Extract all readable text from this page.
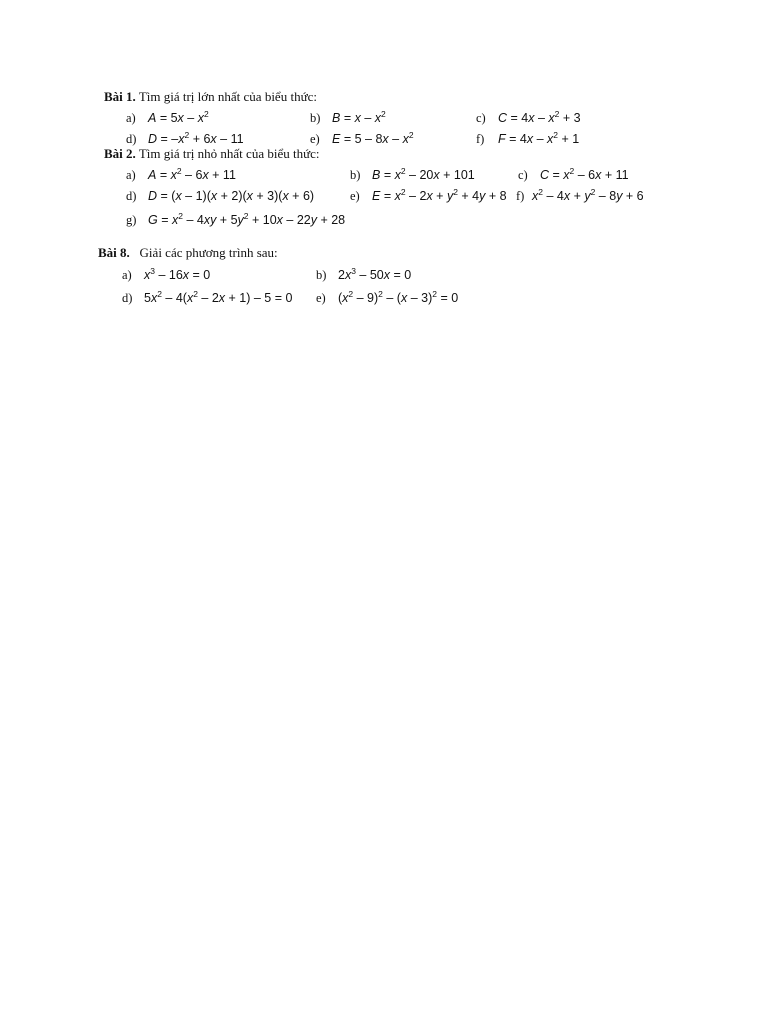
Bài 1. Tìm giá trị lớn nhất của biểu thức:
a) $A = 5x - x^2$	b) $B = x - x^2$	c) $C = 4x - x^2 + 3$
d) $D = -x^2 + 6x - 11$	e) $E = 5 - 8x - x^2$	f) $F = 4x - x^2 + 1$
Bài 2. Tìm giá trị nhỏ nhất của biểu thức:
a) $A = x^2 - 6x + 11$	b) $B = x^2 - 20x + 101$	c) $C = x^2 - 6x + 11$
d) D = (x – 1)(x + 2)(x + 3)(x + 6)	e) $E = x^2 - 2x + y^2 + 4y + 8$ f) $x^2 - 4x + y^2 - 8y + 6$
g) $G = x^2 - 4xy + 5y^2 + 10x - 22y + 28$
Bài 8. Giải các phương trình sau:
a) $x^3 - 16x = 0$	b) $2x^3 - 50x = 0$
d) $5x^2 - 4(x^2 - 2x + 1) - 5 = 0$ e) $(x^2 - 9)^2 - (x - 3)^2 = 0$
